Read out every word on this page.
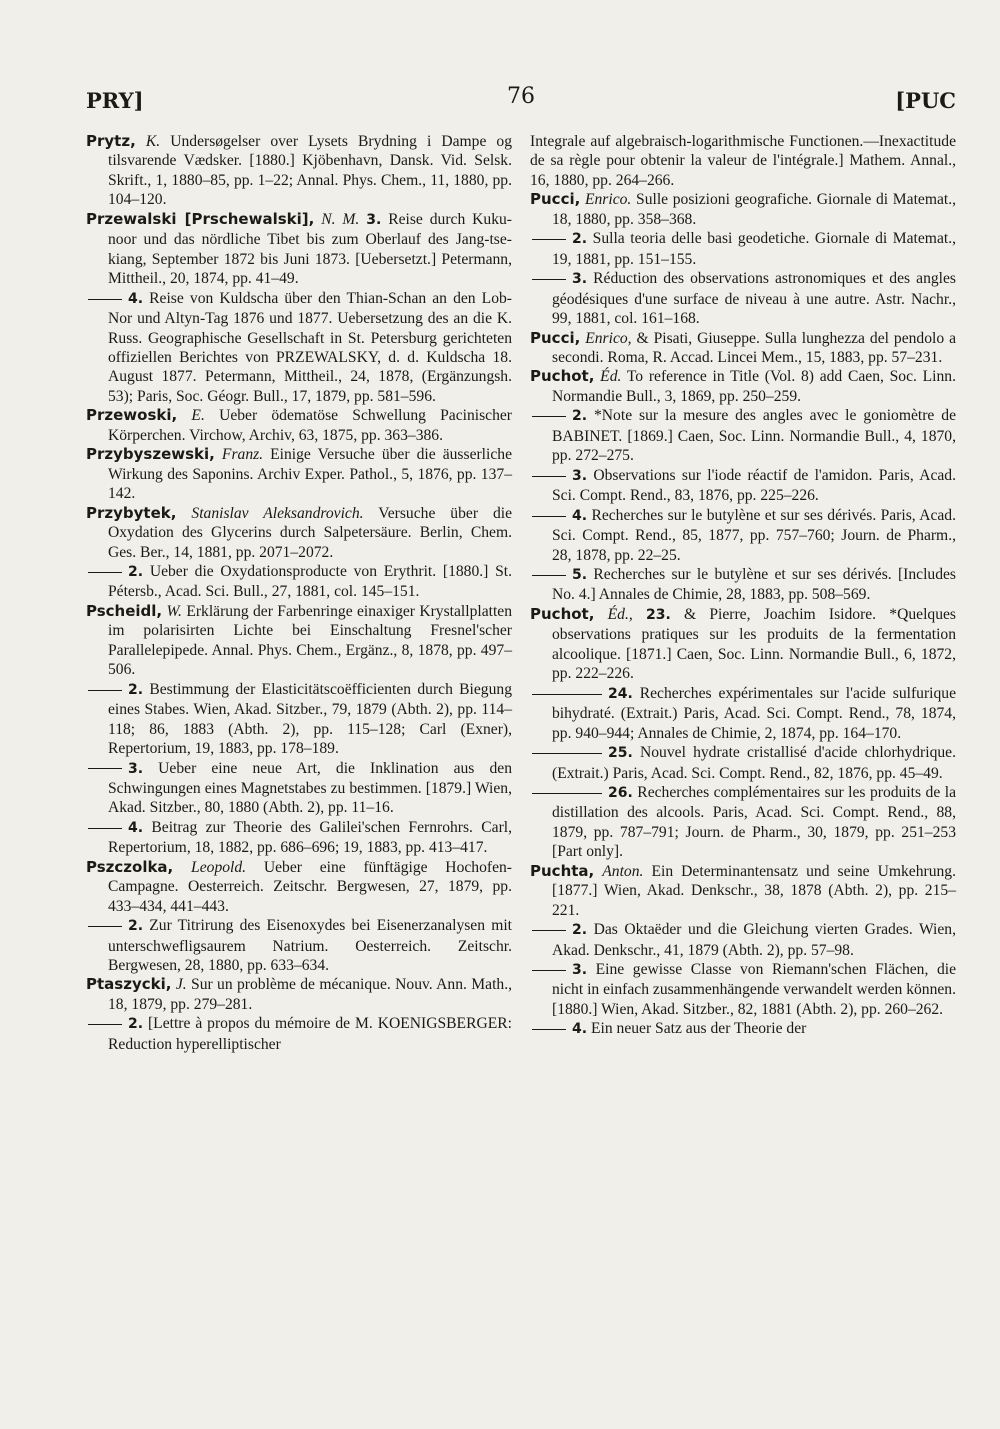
PRY]	76	[PUC

Prytz, K. Undersøgelser over Lysets Brydning i Dampe og tilsvarende Vædsker. [1880.] Kjöbenhavn, Dansk. Vid. Selsk. Skrift., 1, 1880–85, pp. 1–22; Annal. Phys. Chem., 11, 1880, pp. 104–120.

Przewalski [Prschewalski], N. M. 3. Reise durch Kuku-noor und das nördliche Tibet bis zum Oberlauf des Jang-tse-kiang, September 1872 bis Juni 1873. [Uebersetzt.] Petermann, Mittheil., 20, 1874, pp. 41–49.

4. Reise von Kuldscha über den Thian-Schan an den Lob-Nor und Altyn-Tag 1876 und 1877. Uebersetzung des an die K. Russ. Geographische Gesellschaft in St. Petersburg gerichteten offiziellen Berichtes von PRZEWALSKY, d. d. Kuldscha 18. August 1877. Petermann, Mittheil., 24, 1878, (Ergänzungsh. 53); Paris, Soc. Géogr. Bull., 17, 1879, pp. 581–596.

Przewoski, E. Ueber ödematöse Schwellung Pacinischer Körperchen. Virchow, Archiv, 63, 1875, pp. 363–386.

Przybyszewski, Franz. Einige Versuche über die äusserliche Wirkung des Saponins. Archiv Exper. Pathol., 5, 1876, pp. 137–142.

Przybytek, Stanislav Aleksandrovich. Versuche über die Oxydation des Glycerins durch Salpetersäure. Berlin, Chem. Ges. Ber., 14, 1881, pp. 2071–2072.

2. Ueber die Oxydationsproducte von Erythrit. [1880.] St. Pétersb., Acad. Sci. Bull., 27, 1881, col. 145–151.

Pscheidl, W. Erklärung der Farbenringe einaxiger Krystallplatten im polarisirten Lichte bei Einschaltung Fresnel'scher Parallelepipede. Annal. Phys. Chem., Ergänz., 8, 1878, pp. 497–506.

2. Bestimmung der Elasticitätscoëfficienten durch Biegung eines Stabes. Wien, Akad. Sitzber., 79, 1879 (Abth. 2), pp. 114–118; 86, 1883 (Abth. 2), pp. 115–128; Carl (Exner), Repertorium, 19, 1883, pp. 178–189.

3. Ueber eine neue Art, die Inklination aus den Schwingungen eines Magnetstabes zu bestimmen. [1879.] Wien, Akad. Sitzber., 80, 1880 (Abth. 2), pp. 11–16.

4. Beitrag zur Theorie des Galilei'schen Fernrohrs. Carl, Repertorium, 18, 1882, pp. 686–696; 19, 1883, pp. 413–417.

Pszczolka, Leopold. Ueber eine fünftägige Hochofen-Campagne. Oesterreich. Zeitschr. Bergwesen, 27, 1879, pp. 433–434, 441–443.

2. Zur Titrirung des Eisenoxydes bei Eisenerzanalysen mit unterschwefligsaurem Natrium. Oesterreich. Zeitschr. Bergwesen, 28, 1880, pp. 633–634.

Ptaszycki, J. Sur un problème de mécanique. Nouv. Ann. Math., 18, 1879, pp. 279–281.

2. [Lettre à propos du mémoire de M. KOENIGSBERGER: Reduction hyperelliptischer

Integrale auf algebraisch-logarithmische Functionen.—Inexactitude de sa règle pour obtenir la valeur de l'intégrale.] Mathem. Annal., 16, 1880, pp. 264–266.

Pucci, Enrico. Sulle posizioni geografiche. Giornale di Matemat., 18, 1880, pp. 358–368.

2. Sulla teoria delle basi geodetiche. Giornale di Matemat., 19, 1881, pp. 151–155.

3. Réduction des observations astronomiques et des angles géodésiques d'une surface de niveau à une autre. Astr. Nachr., 99, 1881, col. 161–168.

Pucci, Enrico, & Pisati, Giuseppe. Sulla lunghezza del pendolo a secondi. Roma, R. Accad. Lincei Mem., 15, 1883, pp. 57–231.

Puchot, Éd. To reference in Title (Vol. 8) add Caen, Soc. Linn. Normandie Bull., 3, 1869, pp. 250–259.

2. *Note sur la mesure des angles avec le goniomètre de BABINET. [1869.] Caen, Soc. Linn. Normandie Bull., 4, 1870, pp. 272–275.

3. Observations sur l'iode réactif de l'amidon. Paris, Acad. Sci. Compt. Rend., 83, 1876, pp. 225–226.

4. Recherches sur le butylène et sur ses dérivés. Paris, Acad. Sci. Compt. Rend., 85, 1877, pp. 757–760; Journ. de Pharm., 28, 1878, pp. 22–25.

5. Recherches sur le butylène et sur ses dérivés. [Includes No. 4.] Annales de Chimie, 28, 1883, pp. 508–569.

Puchot, Éd., 23. & Pierre, Joachim Isidore. *Quelques observations pratiques sur les produits de la fermentation alcoolique. [1871.] Caen, Soc. Linn. Normandie Bull., 6, 1872, pp. 222–226.

24. Recherches expérimentales sur l'acide sulfurique bihydraté. (Extrait.) Paris, Acad. Sci. Compt. Rend., 78, 1874, pp. 940–944; Annales de Chimie, 2, 1874, pp. 164–170.

25. Nouvel hydrate cristallisé d'acide chlorhydrique. (Extrait.) Paris, Acad. Sci. Compt. Rend., 82, 1876, pp. 45–49.

26. Recherches complémentaires sur les produits de la distillation des alcools. Paris, Acad. Sci. Compt. Rend., 88, 1879, pp. 787–791; Journ. de Pharm., 30, 1879, pp. 251–253 [Part only].

Puchta, Anton. Ein Determinantensatz und seine Umkehrung. [1877.] Wien, Akad. Denkschr., 38, 1878 (Abth. 2), pp. 215–221.

2. Das Oktaëder und die Gleichung vierten Grades. Wien, Akad. Denkschr., 41, 1879 (Abth. 2), pp. 57–98.

3. Eine gewisse Classe von Riemann'schen Flächen, die nicht in einfach zusammenhängende verwandelt werden können. [1880.] Wien, Akad. Sitzber., 82, 1881 (Abth. 2), pp. 260–262.

4. Ein neuer Satz aus der Theorie der
